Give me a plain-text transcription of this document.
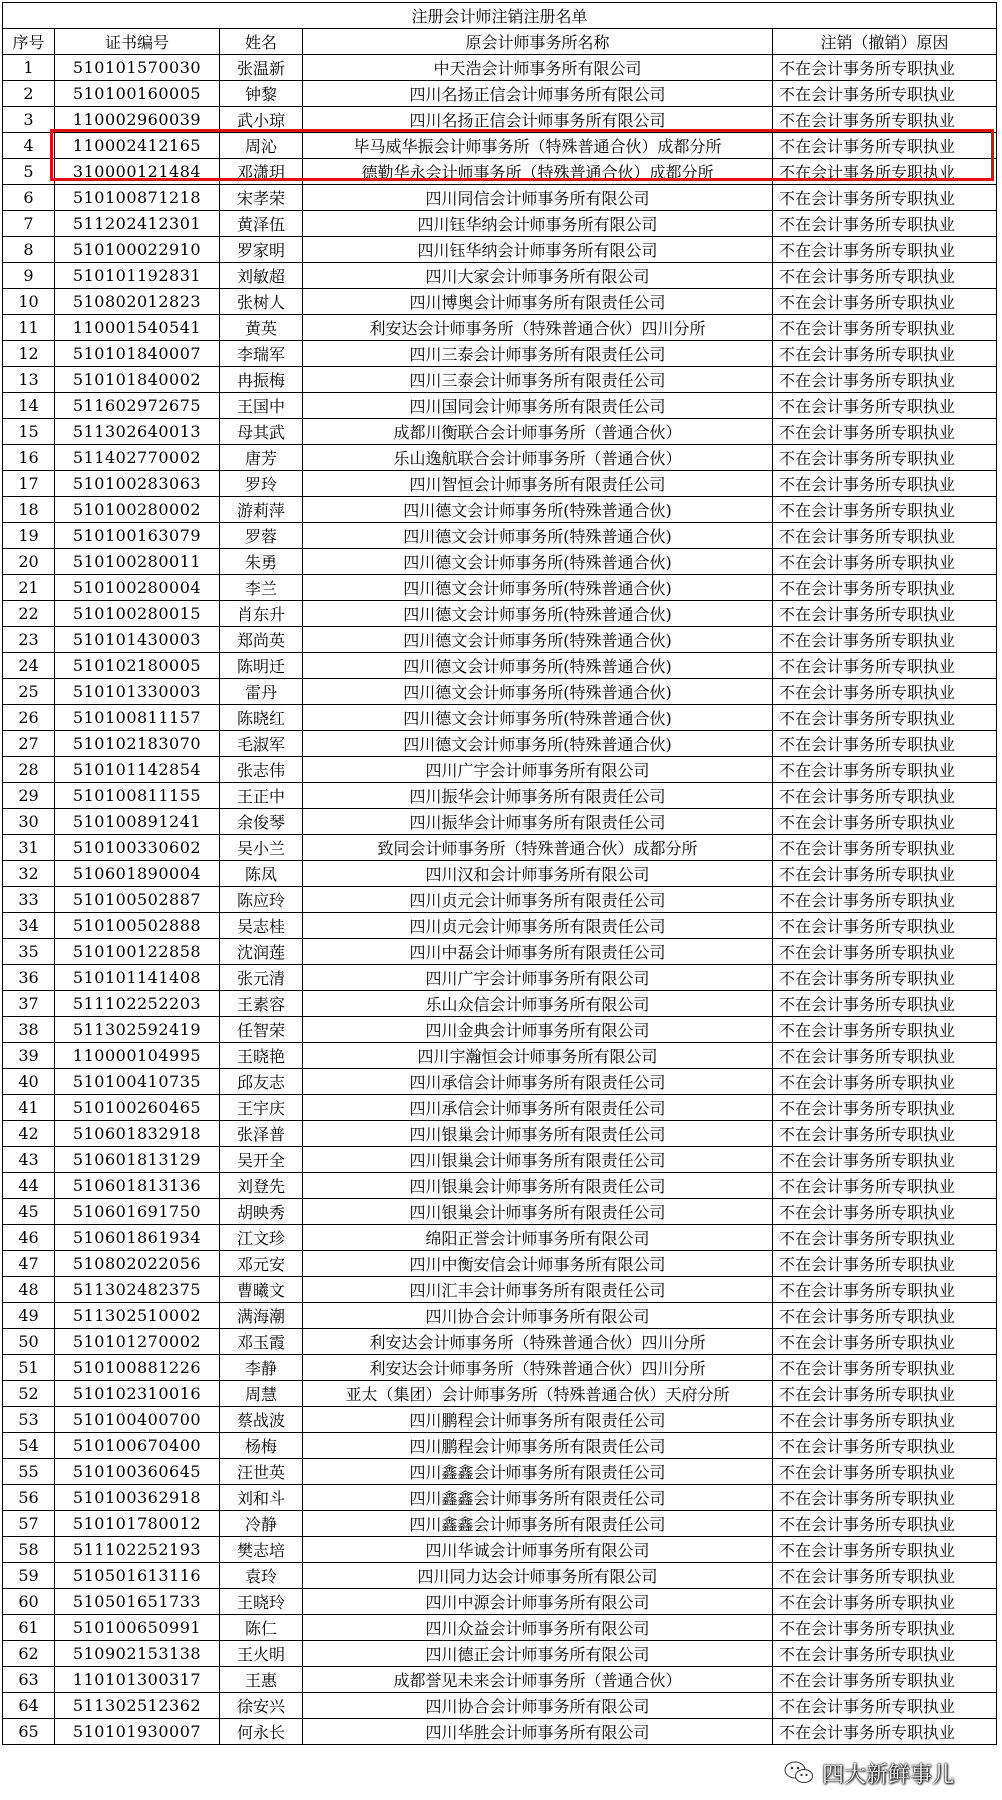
注册会计师注销注册名单				
序号	证书编号	姓名	原会计师事务所名称	注销（撤销）原因
1	510101570030	张温新	中天浩会计师事务所有限公司	不在会计事务所专职执业
2	510100160005	钟黎	四川名扬正信会计师事务所有限公司	不在会计事务所专职执业
3	110002960039	武小琼	四川名扬正信会计师事务所有限公司	不在会计事务所专职执业
4	110002412165	周沁	毕马威华振会计师事务所（特殊普通合伙）成都分所	不在会计事务所专职执业
5	310000121484	邓潇玥	德勤华永会计师事务所（特殊普通合伙）成都分所	不在会计事务所专职执业
6	510100871218	宋孝荣	四川同信会计师事务所有限公司	不在会计事务所专职执业
7	511202412301	黄泽伍	四川钰华纳会计师事务所有限公司	不在会计事务所专职执业
8	510100022910	罗家明	四川钰华纳会计师事务所有限公司	不在会计事务所专职执业
9	510101192831	刘敏超	四川大家会计师事务所有限公司	不在会计事务所专职执业
10	510802012823	张树人	四川博奥会计师事务所有限责任公司	不在会计事务所专职执业
11	110001540541	黄英	利安达会计师事务所（特殊普通合伙）四川分所	不在会计事务所专职执业
12	510101840007	李瑞军	四川三泰会计师事务所有限责任公司	不在会计事务所专职执业
13	510101840002	冉振梅	四川三泰会计师事务所有限责任公司	不在会计事务所专职执业
14	511602972675	王国中	四川国同会计师事务所有限责任公司	不在会计事务所专职执业
15	511302640013	母其武	成都川衡联合会计师事务所（普通合伙）	不在会计事务所专职执业
16	511402770002	唐芳	乐山逸航联合会计师事务所（普通合伙）	不在会计事务所专职执业
17	510100283063	罗玲	四川智恒会计师事务所有限责任公司	不在会计事务所专职执业
18	510100280002	游莉萍	四川德文会计师事务所(特殊普通合伙)	不在会计事务所专职执业
19	510100163079	罗蓉	四川德文会计师事务所(特殊普通合伙)	不在会计事务所专职执业
20	510100280011	朱勇	四川德文会计师事务所(特殊普通合伙)	不在会计事务所专职执业
21	510100280004	李兰	四川德文会计师事务所(特殊普通合伙)	不在会计事务所专职执业
22	510100280015	肖东升	四川德文会计师事务所(特殊普通合伙)	不在会计事务所专职执业
23	510101430003	郑尚英	四川德文会计师事务所(特殊普通合伙)	不在会计事务所专职执业
24	510102180005	陈明迁	四川德文会计师事务所(特殊普通合伙)	不在会计事务所专职执业
25	510101330003	雷丹	四川德文会计师事务所(特殊普通合伙)	不在会计事务所专职执业
26	510100811157	陈晓红	四川德文会计师事务所(特殊普通合伙)	不在会计事务所专职执业
27	510102183070	毛淑军	四川德文会计师事务所(特殊普通合伙)	不在会计事务所专职执业
28	510101142854	张志伟	四川广宇会计师事务所有限公司	不在会计事务所专职执业
29	510100811155	王正中	四川振华会计师事务所有限责任公司	不在会计事务所专职执业
30	510100891241	余俊琴	四川振华会计师事务所有限责任公司	不在会计事务所专职执业
31	510100330602	吴小兰	致同会计师事务所（特殊普通合伙）成都分所	不在会计事务所专职执业
32	510601890004	陈凤	四川汉和会计师事务所有限公司	不在会计事务所专职执业
33	510100502887	陈应玲	四川贞元会计师事务所有限责任公司	不在会计事务所专职执业
34	510100502888	吴志桂	四川贞元会计师事务所有限责任公司	不在会计事务所专职执业
35	510100122858	沈润莲	四川中磊会计师事务所有限责任公司	不在会计事务所专职执业
36	510101141408	张元清	四川广宇会计师事务所有限公司	不在会计事务所专职执业
37	511102252203	王素容	乐山众信会计师事务所有限公司	不在会计事务所专职执业
38	511302592419	任智荣	四川金典会计师事务所有限公司	不在会计事务所专职执业
39	110000104995	王晓艳	四川宇瀚恒会计师事务所有限公司	不在会计事务所专职执业
40	510100410735	邱友志	四川承信会计师事务所有限责任公司	不在会计事务所专职执业
41	510100260465	王宇庆	四川承信会计师事务所有限责任公司	不在会计事务所专职执业
42	510601832918	张泽普	四川银巢会计师事务所有限责任公司	不在会计事务所专职执业
43	510601813129	吴开全	四川银巢会计师事务所有限责任公司	不在会计事务所专职执业
44	510601813136	刘登先	四川银巢会计师事务所有限责任公司	不在会计事务所专职执业
45	510601691750	胡映秀	四川银巢会计师事务所有限责任公司	不在会计事务所专职执业
46	510601861934	江文珍	绵阳正誉会计师事务所有限公司	不在会计事务所专职执业
47	510802022056	邓元安	四川中衡安信会计师事务所有限公司	不在会计事务所专职执业
48	511302482375	曹曦文	四川汇丰会计师事务所有限责任公司	不在会计事务所专职执业
49	511302510002	满海潮	四川协合会计师事务所有限公司	不在会计事务所专职执业
50	510101270002	邓玉霞	利安达会计师事务所（特殊普通合伙）四川分所	不在会计事务所专职执业
51	510100881226	李静	利安达会计师事务所（特殊普通合伙）四川分所	不在会计事务所专职执业
52	510102310016	周慧	亚太（集团）会计师事务所（特殊普通合伙）天府分所	不在会计事务所专职执业
53	510100400700	蔡战波	四川鹏程会计师事务所有限责任公司	不在会计事务所专职执业
54	510100670400	杨梅	四川鹏程会计师事务所有限责任公司	不在会计事务所专职执业
55	510100360645	汪世英	四川鑫鑫会计师事务所有限责任公司	不在会计事务所专职执业
56	510100362918	刘和斗	四川鑫鑫会计师事务所有限责任公司	不在会计事务所专职执业
57	510101780012	冷静	四川鑫鑫会计师事务所有限责任公司	不在会计事务所专职执业
58	511102252193	樊志培	四川华诚会计师事务所有限公司	不在会计事务所专职执业
59	510501613116	袁玲	四川同力达会计师事务所有限公司	不在会计事务所专职执业
60	510501651733	王晓玲	四川中源会计师事务所有限公司	不在会计事务所专职执业
61	510100650991	陈仁	四川众益会计师事务所有限公司	不在会计事务所专职执业
62	510902153138	王火明	四川德正会计师事务所有限公司	不在会计事务所专职执业
63	110101300317	王惠	成都誉见未来会计师事务所（普通合伙）	不在会计事务所专职执业
64	511302512362	徐安兴	四川协合会计师事务所有限公司	不在会计事务所专职执业
65	510101930007	何永长	四川华胜会计师事务所有限公司	不在会计事务所专职执业
四大新鲜事儿
